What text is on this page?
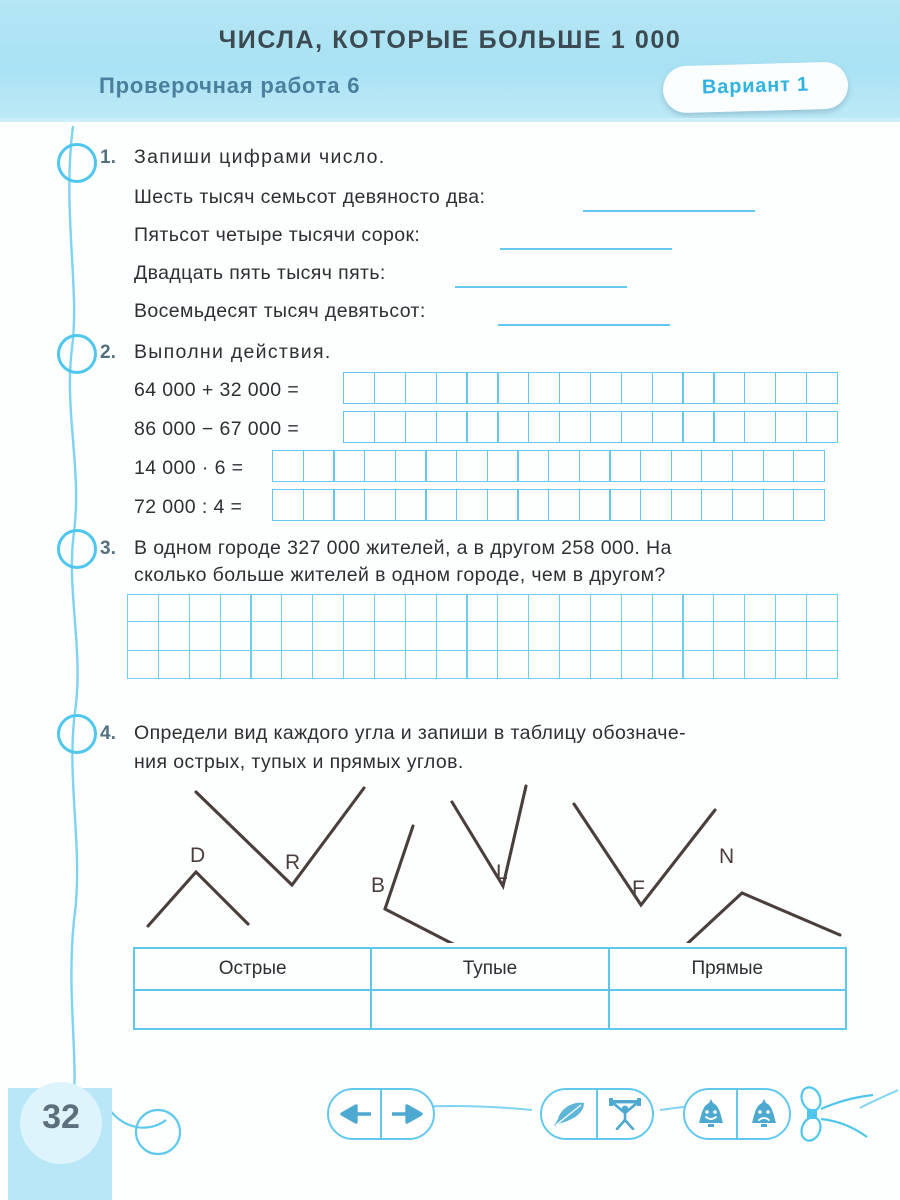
ЧИСЛА, КОТОРЫЕ БОЛЬШЕ 1 000
Проверочная работа 6	Вариант 1
1. Запиши цифрами число.
Шесть тысяч семьсот девяносто два:
Пятьсот четыре тысячи сорок:
Двадцать пять тысяч пять:
Восемьдесят тысяч девятьсот:
2. Выполни действия.
64 000 + 32 000 =
86 000 − 67 000 =
14 000 · 6 =
72 000 : 4 =
3. В одном городе 327 000 жителей, а в другом 258 000. На
сколько больше жителей в одном городе, чем в другом?
4. Определи вид каждого угла и запиши в таблицу обозначе-
ния острых, тупых и прямых углов.
D	R
B
L
F
N
Острые	Тупые	Прямые
32
